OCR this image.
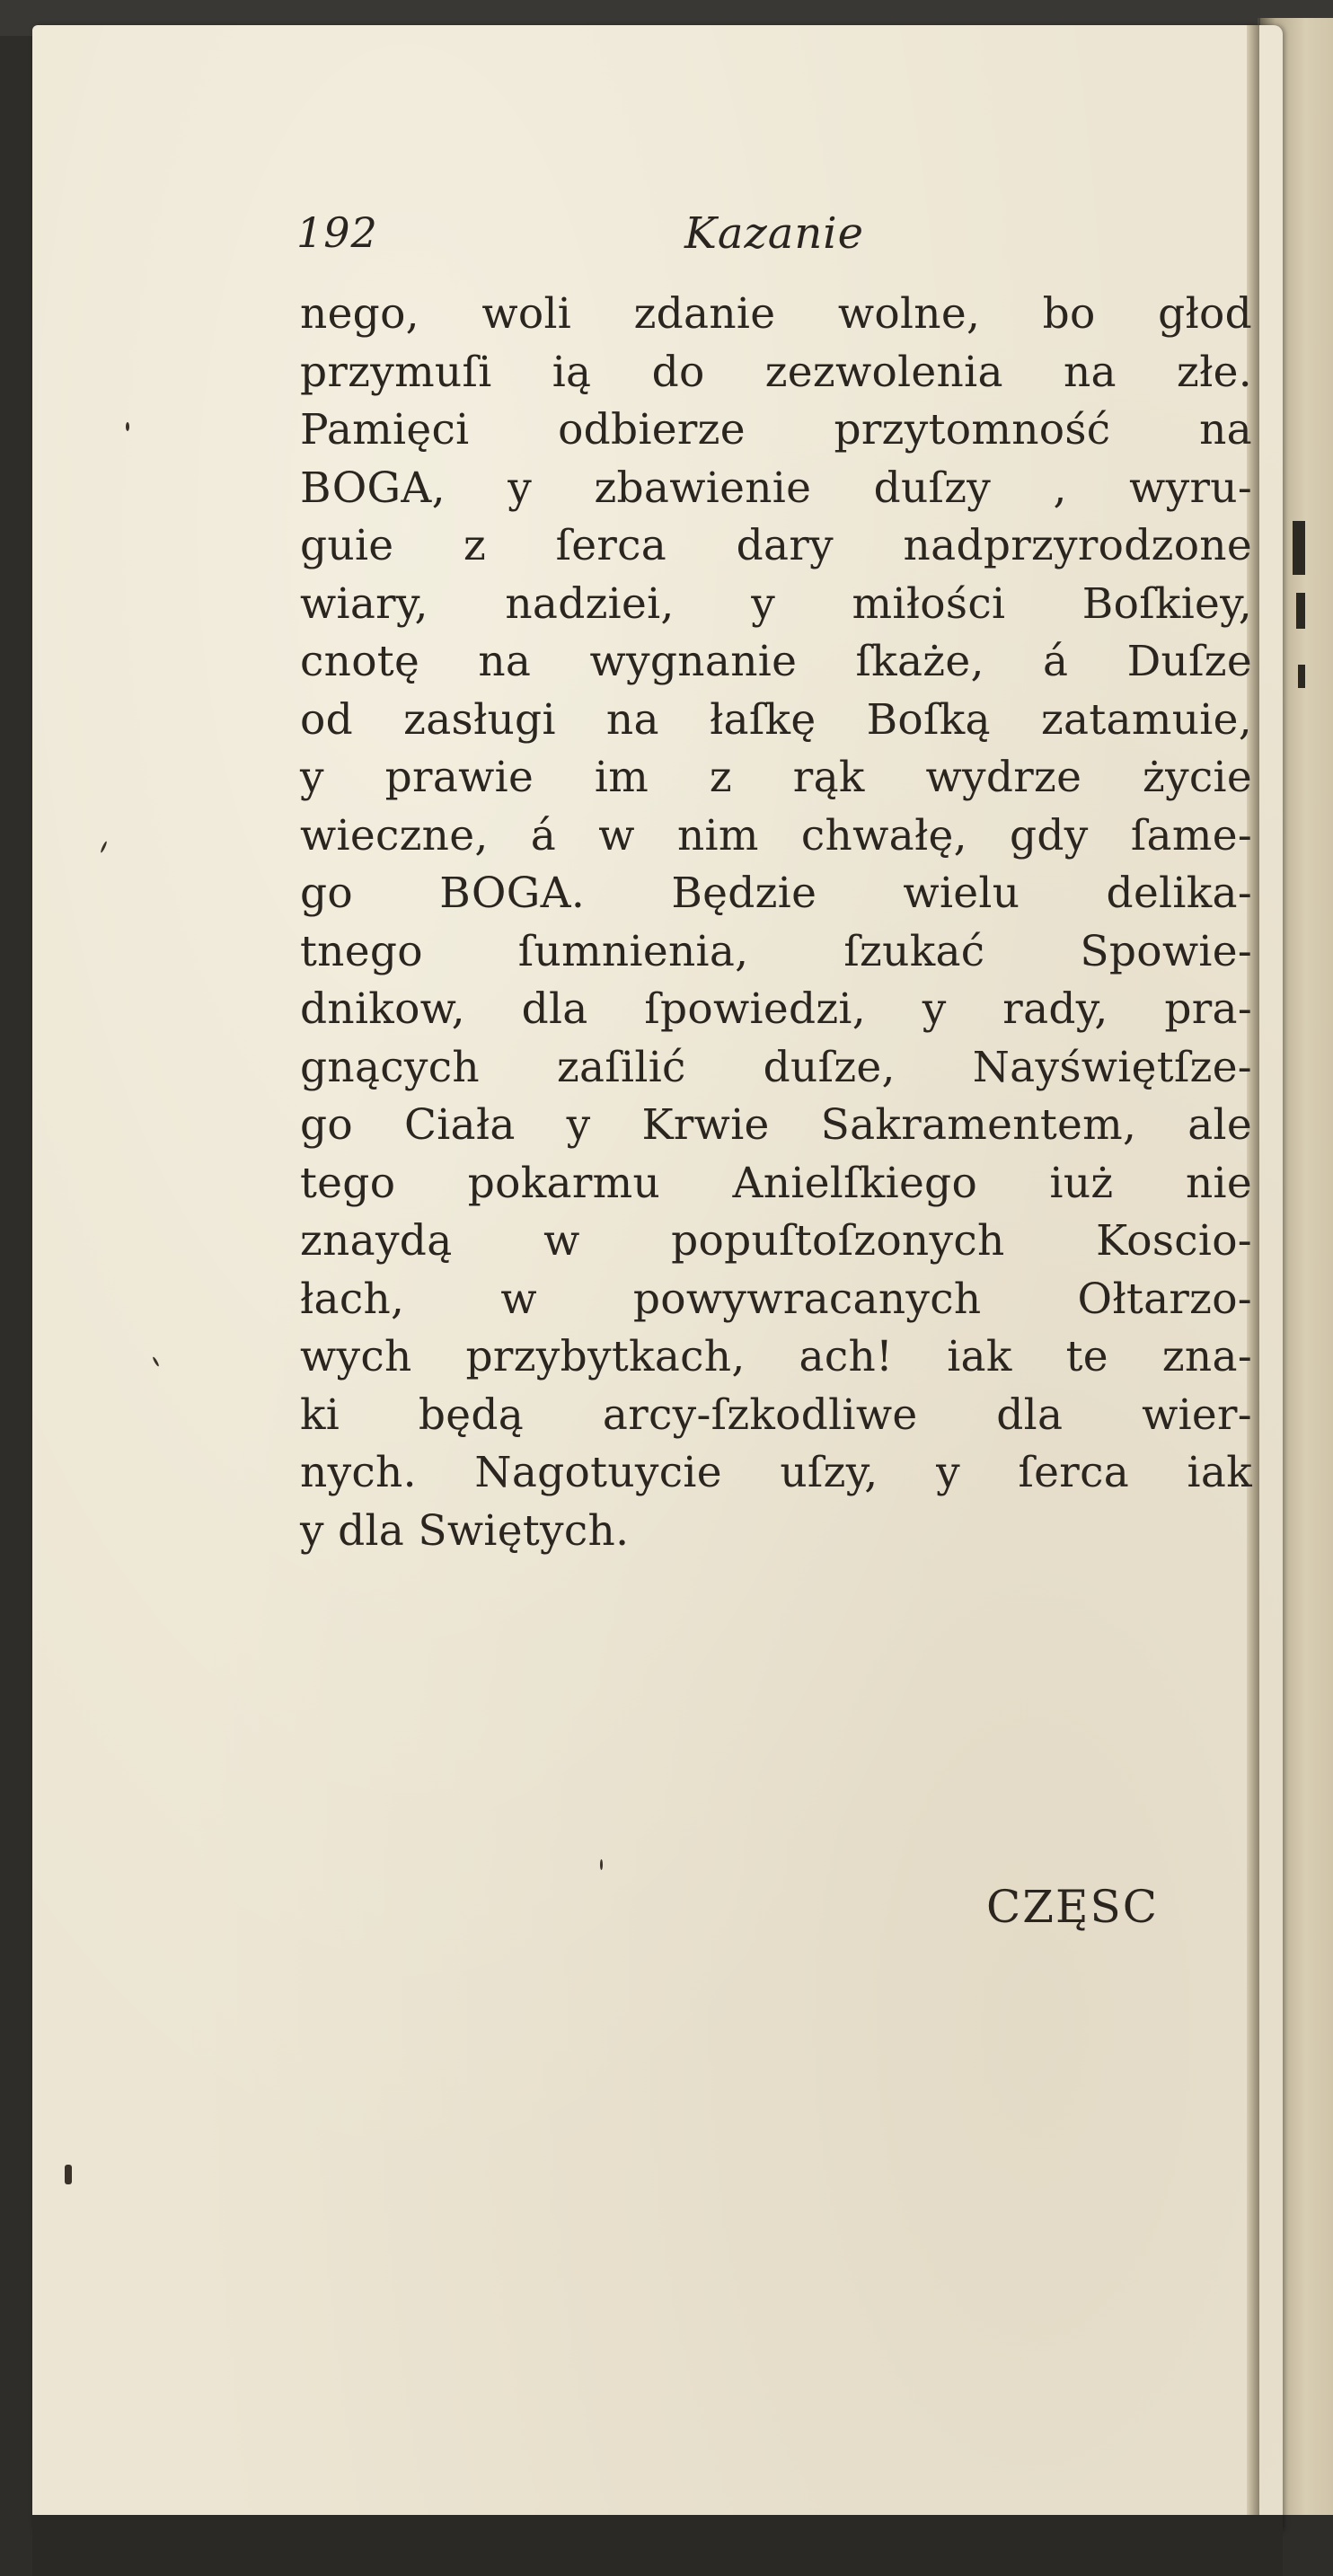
192	Kazanie
nego, woli zdanie wolne, bo głod
przymuſi ią do zezwolenia na złe.
Pamięci odbierze przytomność na
BOGA, y zbawienie duſzy , wyru-
guie z ſerca dary nadprzyrodzone
wiary, nadziei, y miłości Boſkiey,
cnotę na wygnanie ſkaże, á Duſze
od zasługi na łaſkę Boſką zatamuie,
y prawie im z rąk wydrze życie
wieczne, á w nim chwałę, gdy ſame-
go BOGA. Będzie wielu delika-
tnego ſumnienia, ſzukać Spowie-
dnikow, dla ſpowiedzi, y rady, pra-
gnących zaſilić duſze, Nayświętſze-
go Ciała y Krwie Sakramentem, ale
tego pokarmu Anielſkiego iuż nie
znaydą w popuſtoſzonych Koscio-
łach, w powywracanych Ołtarzo-
wych przybytkach, ach! iak te zna-
ki będą arcy-ſzkodliwe dla wier-
nych. Nagotuycie uſzy, y ſerca iak
y dla Swiętych.
CZĘSC
